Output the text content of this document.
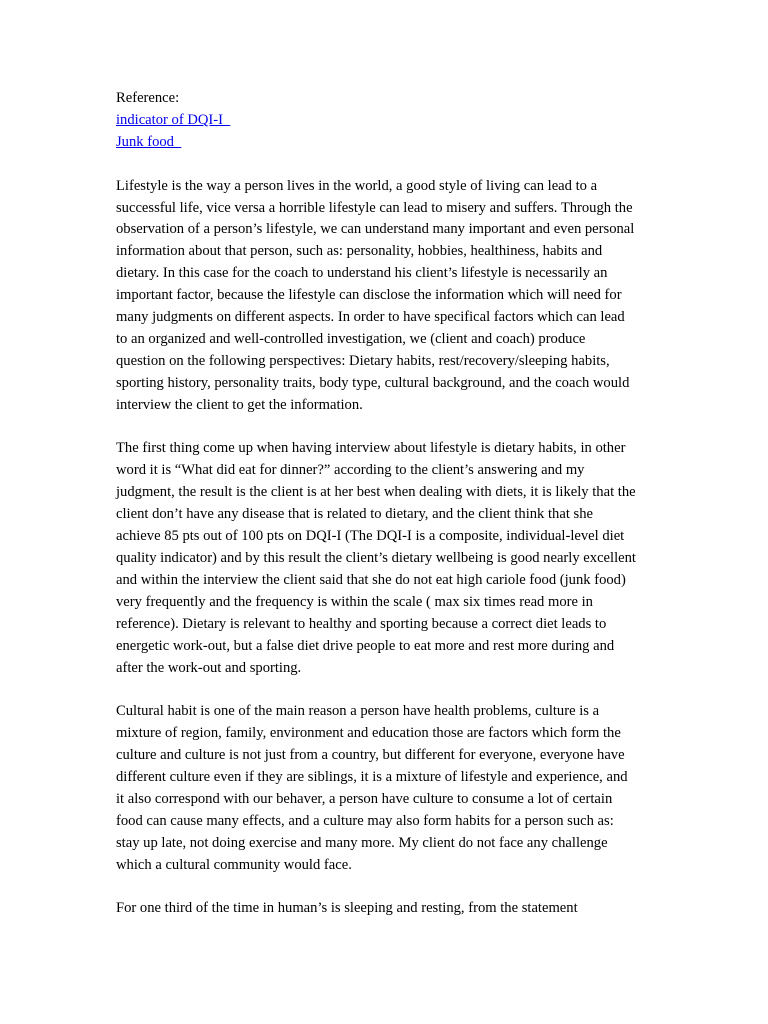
Reference:
indicator of DQI-I
Junk food

Lifestyle is the way a person lives in the world, a good style of living can lead to a successful life, vice versa a horrible lifestyle can lead to misery and suffers. Through the observation of a person’s lifestyle, we can understand many important and even personal information about that person, such as: personality, hobbies, healthiness, habits and dietary. In this case for the coach to understand his client’s lifestyle is necessarily an important factor, because the lifestyle can disclose the information which will need for many judgments on different aspects. In order to have specifical factors which can lead to an organized and well-controlled investigation, we (client and coach) produce question on the following perspectives: Dietary habits, rest/recovery/sleeping habits, sporting history, personality traits, body type, cultural background, and the coach would interview the client to get the information.

The first thing come up when having interview about lifestyle is dietary habits, in other word it is “What did eat for dinner?” according to the client’s answering and my judgment, the result is the client is at her best when dealing with diets, it is likely that the client don’t have any disease that is related to dietary, and the client think that she achieve 85 pts out of 100 pts on DQI-I (The DQI-I is a composite, individual-level diet quality indicator) and by this result the client’s dietary wellbeing is good nearly excellent and within the interview the client said that she do not eat high cariole food (junk food) very frequently and the frequency is within the scale ( max six times read more in reference). Dietary is relevant to healthy and sporting because a correct diet leads to energetic work-out, but a false diet drive people to eat more and rest more during and after the work-out and sporting.

Cultural habit is one of the main reason a person have health problems, culture is a mixture of region, family, environment and education those are factors which form the culture and culture is not just from a country, but different for everyone, everyone have different culture even if they are siblings, it is a mixture of lifestyle and experience, and it also correspond with our behaver, a person have culture to consume a lot of certain food can cause many effects, and a culture may also form habits for a person such as: stay up late, not doing exercise and many more. My client do not face any challenge which a cultural community would face.

For one third of the time in human’s is sleeping and resting, from the statement
